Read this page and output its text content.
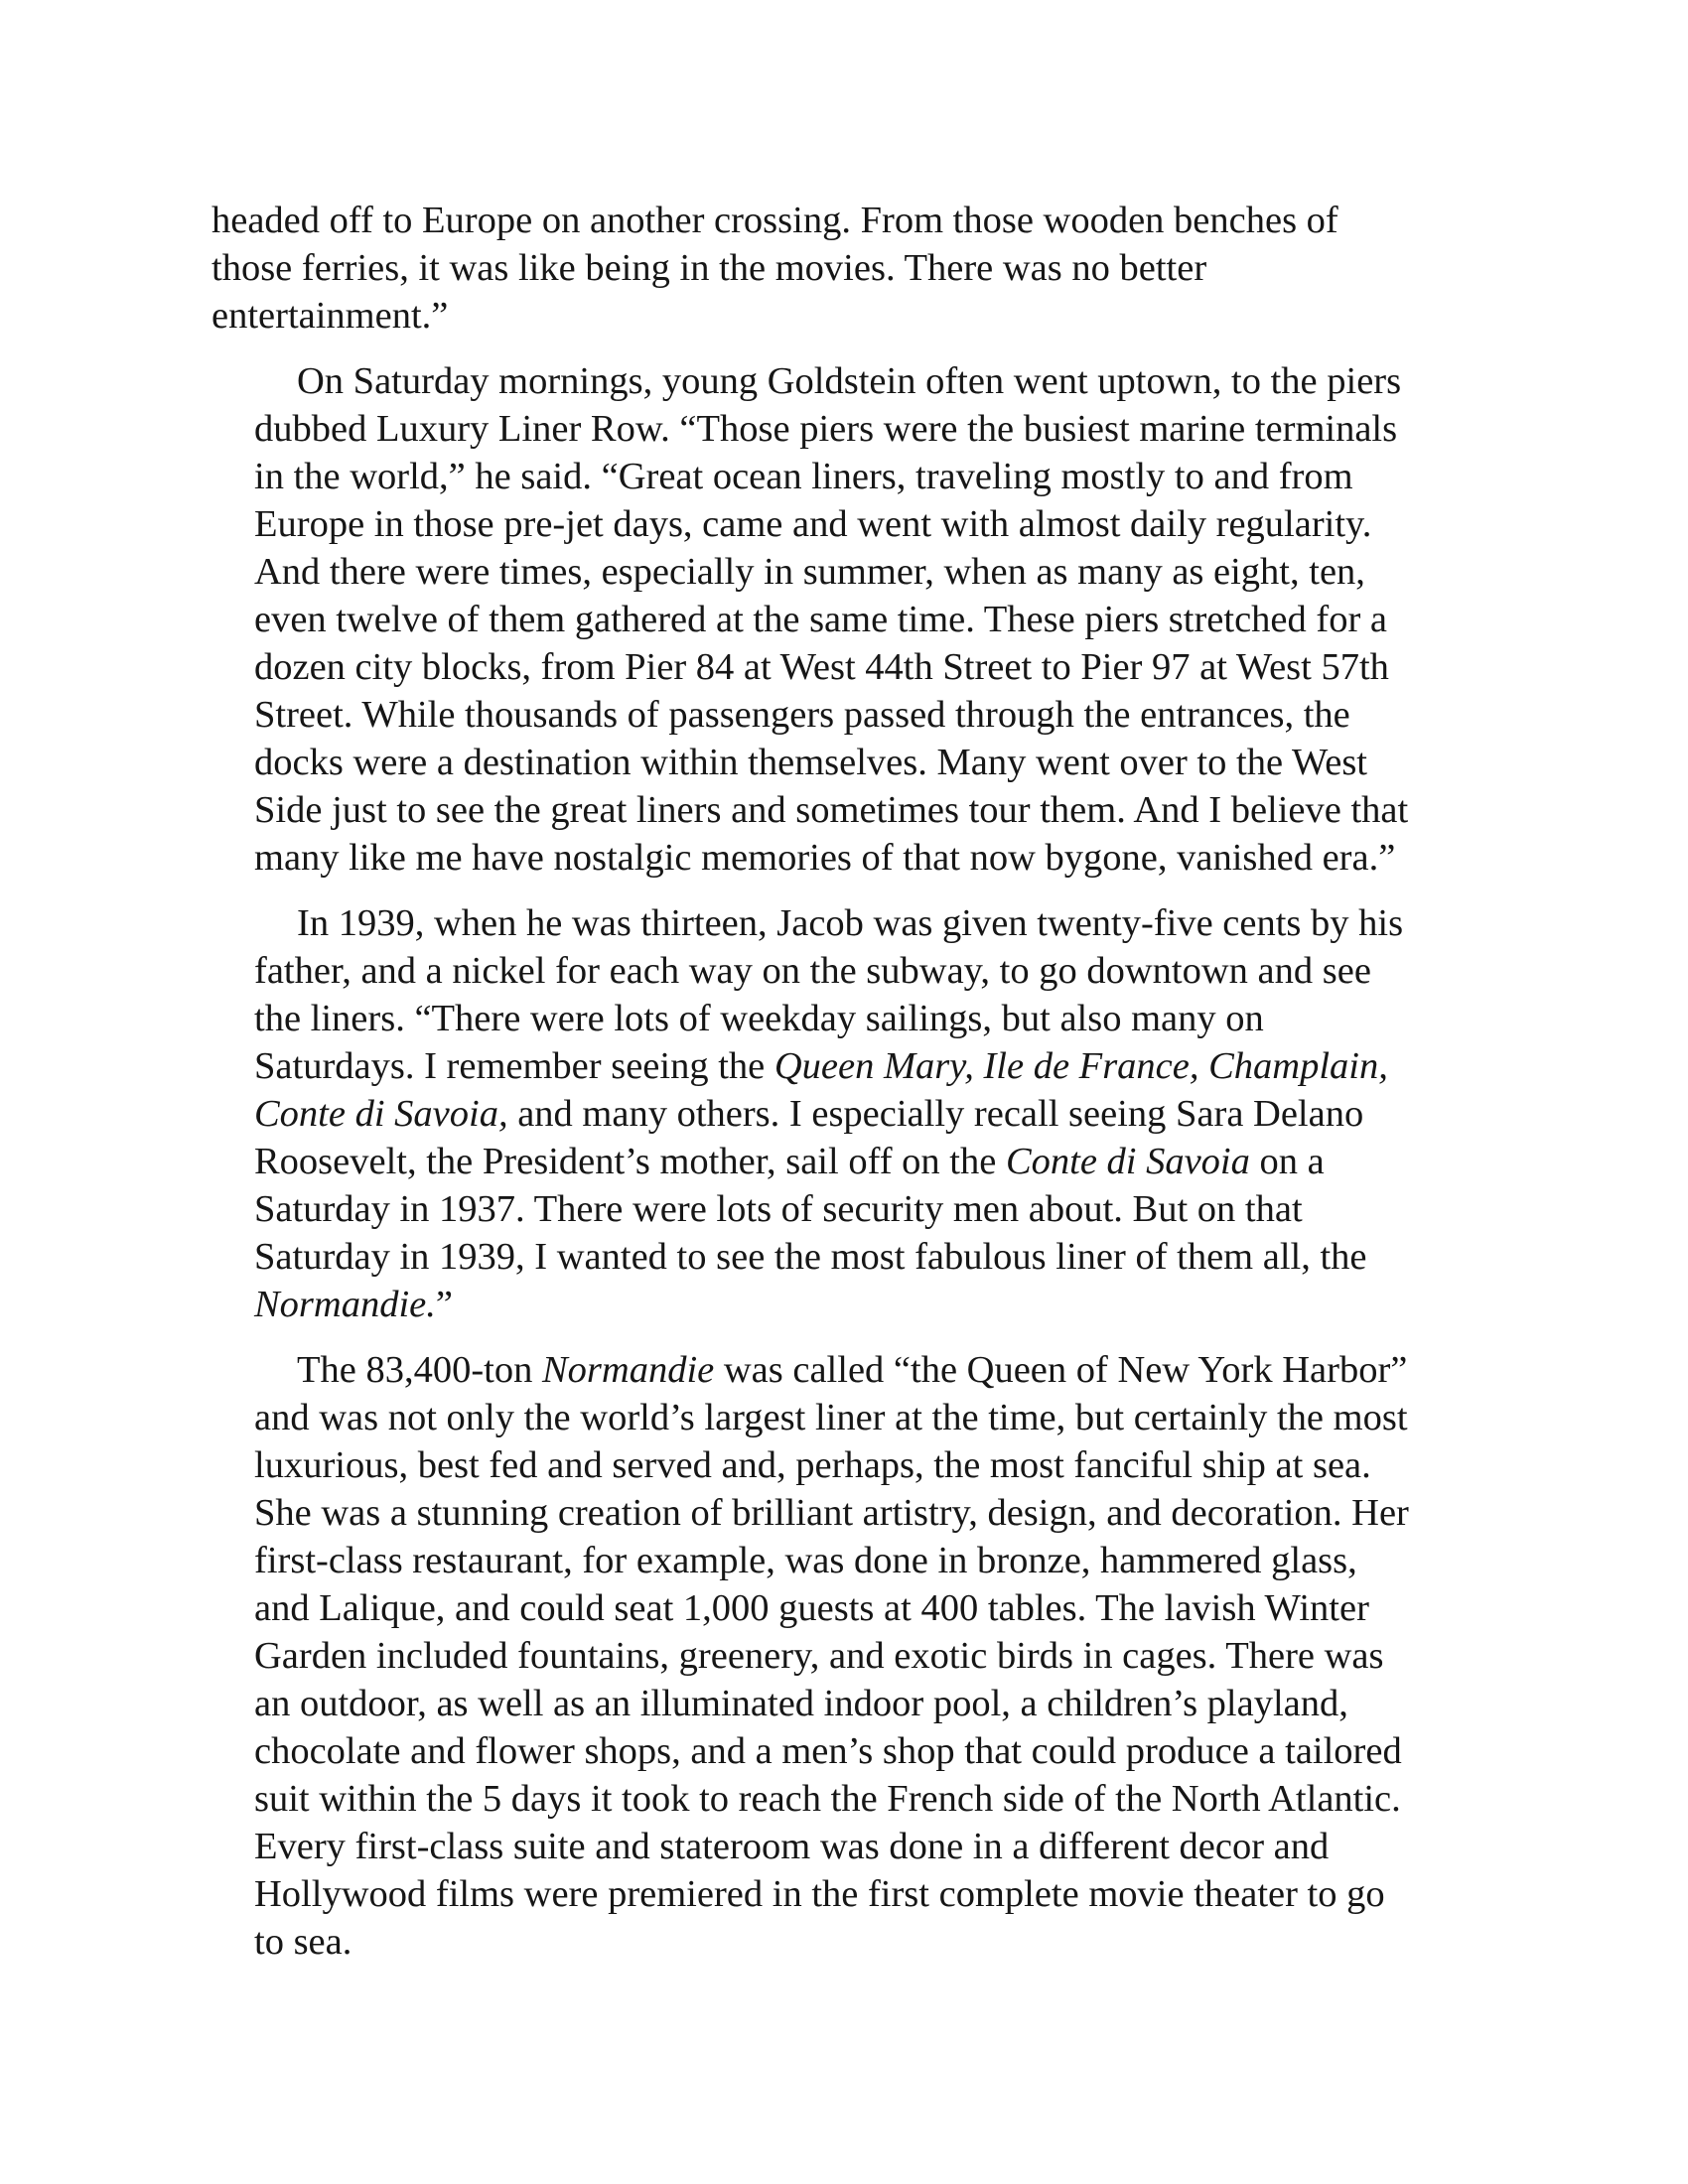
headed off to Europe on another crossing. From those wooden benches of
those ferries, it was like being in the movies. There was no better
entertainment.”
On Saturday mornings, young Goldstein often went uptown, to the piers
dubbed Luxury Liner Row. “Those piers were the busiest marine terminals
in the world,” he said. “Great ocean liners, traveling mostly to and from
Europe in those pre-jet days, came and went with almost daily regularity.
And there were times, especially in summer, when as many as eight, ten,
even twelve of them gathered at the same time. These piers stretched for a
dozen city blocks, from Pier 84 at West 44th Street to Pier 97 at West 57th
Street. While thousands of passengers passed through the entrances, the
docks were a destination within themselves. Many went over to the West
Side just to see the great liners and sometimes tour them. And I believe that
many like me have nostalgic memories of that now bygone, vanished era.”
In 1939, when he was thirteen, Jacob was given twenty-five cents by his
father, and a nickel for each way on the subway, to go downtown and see
the liners. “There were lots of weekday sailings, but also many on
Saturdays. I remember seeing the Queen Mary, Ile de France, Champlain,
Conte di Savoia, and many others. I especially recall seeing Sara Delano
Roosevelt, the President’s mother, sail off on the Conte di Savoia on a
Saturday in 1937. There were lots of security men about. But on that
Saturday in 1939, I wanted to see the most fabulous liner of them all, the
Normandie.”
The 83,400-ton Normandie was called “the Queen of New York Harbor”
and was not only the world’s largest liner at the time, but certainly the most
luxurious, best fed and served and, perhaps, the most fanciful ship at sea.
She was a stunning creation of brilliant artistry, design, and decoration. Her
first-class restaurant, for example, was done in bronze, hammered glass,
and Lalique, and could seat 1,000 guests at 400 tables. The lavish Winter
Garden included fountains, greenery, and exotic birds in cages. There was
an outdoor, as well as an illuminated indoor pool, a children’s playland,
chocolate and flower shops, and a men’s shop that could produce a tailored
suit within the 5 days it took to reach the French side of the North Atlantic.
Every first-class suite and stateroom was done in a different decor and
Hollywood films were premiered in the first complete movie theater to go
to sea.
